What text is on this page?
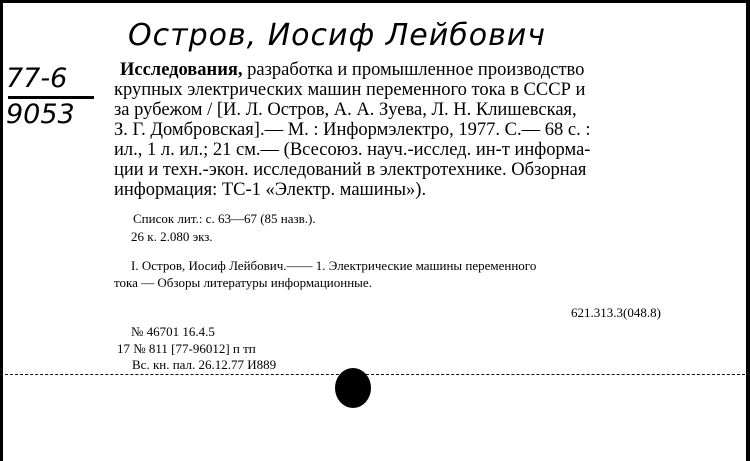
Остров, Иосиф Лейбович
77-6
9053
Исследования, разработка и промышленное производство
крупных электрических машин переменного тока в СССР и
за рубежом / [И. Л. Остров, А. А. Зуева, Л. Н. Клишевская,
З. Г. Домбровская].— М. : Информэлектро, 1977. С.— 68 с. :
ил., 1 л. ил.; 21 см.— (Всесоюз. науч.-исслед. ин-т информа-
ции и техн.-экон. исследований в электротехнике. Обзорная
информация: ТС-1 «Электр. машины»).
Список лит.: с. 63—67 (85 назв.).
26 к. 2.080 экз.
I. Остров, Иосиф Лейбович.—— 1. Электрические машины переменного
тока — Обзоры литературы информационные.
621.313.3(048.8)
№ 46701 16.4.5
17 № 811 [77-96012] п тп
Вс. кн. пал. 26.12.77 И889
